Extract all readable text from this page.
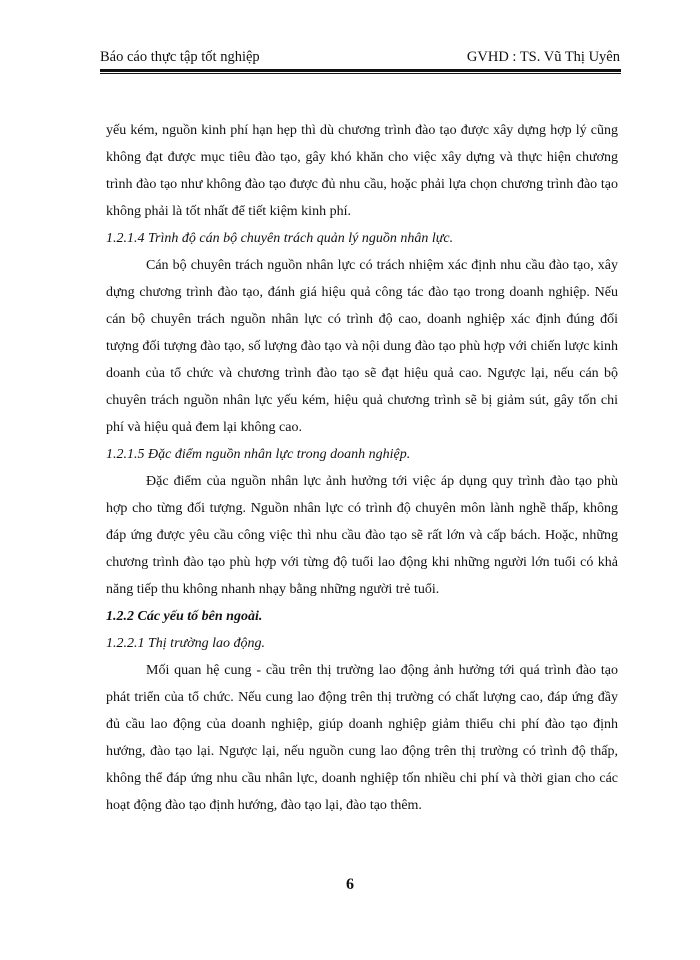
Báo cáo thực tập tốt nghiệp	GVHD : TS. Vũ Thị Uyên

yếu kém, nguồn kinh phí hạn hẹp thì dù chương trình đào tạo được xây dựng hợp lý cũng không đạt được mục tiêu đào tạo, gây khó khăn cho việc xây dựng và thực hiện chương trình đào tạo như không đào tạo được đủ nhu cầu, hoặc phải lựa chọn chương trình đào tạo không phải là tốt nhất để tiết kiệm kinh phí.

1.2.1.4 Trình độ cán bộ chuyên trách quản lý nguồn nhân lực.

Cán bộ chuyên trách nguồn nhân lực có trách nhiệm xác định nhu cầu đào tạo, xây dựng chương trình đào tạo, đánh giá hiệu quả công tác đào tạo trong doanh nghiệp. Nếu cán bộ chuyên trách nguồn nhân lực có trình độ cao, doanh nghiệp xác định đúng đối tượng đối tượng đào tạo, số lượng đào tạo và nội dung đào tạo phù hợp với chiến lược kinh doanh của tổ chức và chương trình đào tạo sẽ đạt hiệu quả cao. Ngược lại, nếu cán bộ chuyên trách nguồn nhân lực yếu kém, hiệu quả chương trình sẽ bị giảm sút, gây tốn chi phí và hiệu quả đem lại không cao.

1.2.1.5 Đặc điểm nguồn nhân lực trong doanh nghiệp.

Đặc điểm của nguồn nhân lực ảnh hưởng tới việc áp dụng quy trình đào tạo phù hợp cho từng đối tượng. Nguồn nhân lực có trình độ chuyên môn lành nghề thấp, không đáp ứng được yêu cầu công việc thì nhu cầu đào tạo sẽ rất lớn và cấp bách. Hoặc, những chương trình đào tạo phù hợp với từng độ tuổi lao động khi những người lớn tuổi có khả năng tiếp thu không nhanh nhạy bằng những người trẻ tuổi.

1.2.2 Các yếu tố bên ngoài.

1.2.2.1 Thị trường lao động.

Mối quan hệ cung - cầu trên thị trường lao động ảnh hưởng tới quá trình đào tạo phát triển của tổ chức. Nếu cung lao động trên thị trường có chất lượng cao, đáp ứng đầy đủ cầu lao động của doanh nghiệp, giúp doanh nghiệp giảm thiểu chi phí đào tạo định hướng, đào tạo lại. Ngược lại, nếu nguồn cung lao động trên thị trường có trình độ thấp, không thể đáp ứng nhu cầu nhân lực, doanh nghiệp tốn nhiều chi phí và thời gian cho các hoạt động đào tạo định hướng, đào tạo lại, đào tạo thêm.

6
